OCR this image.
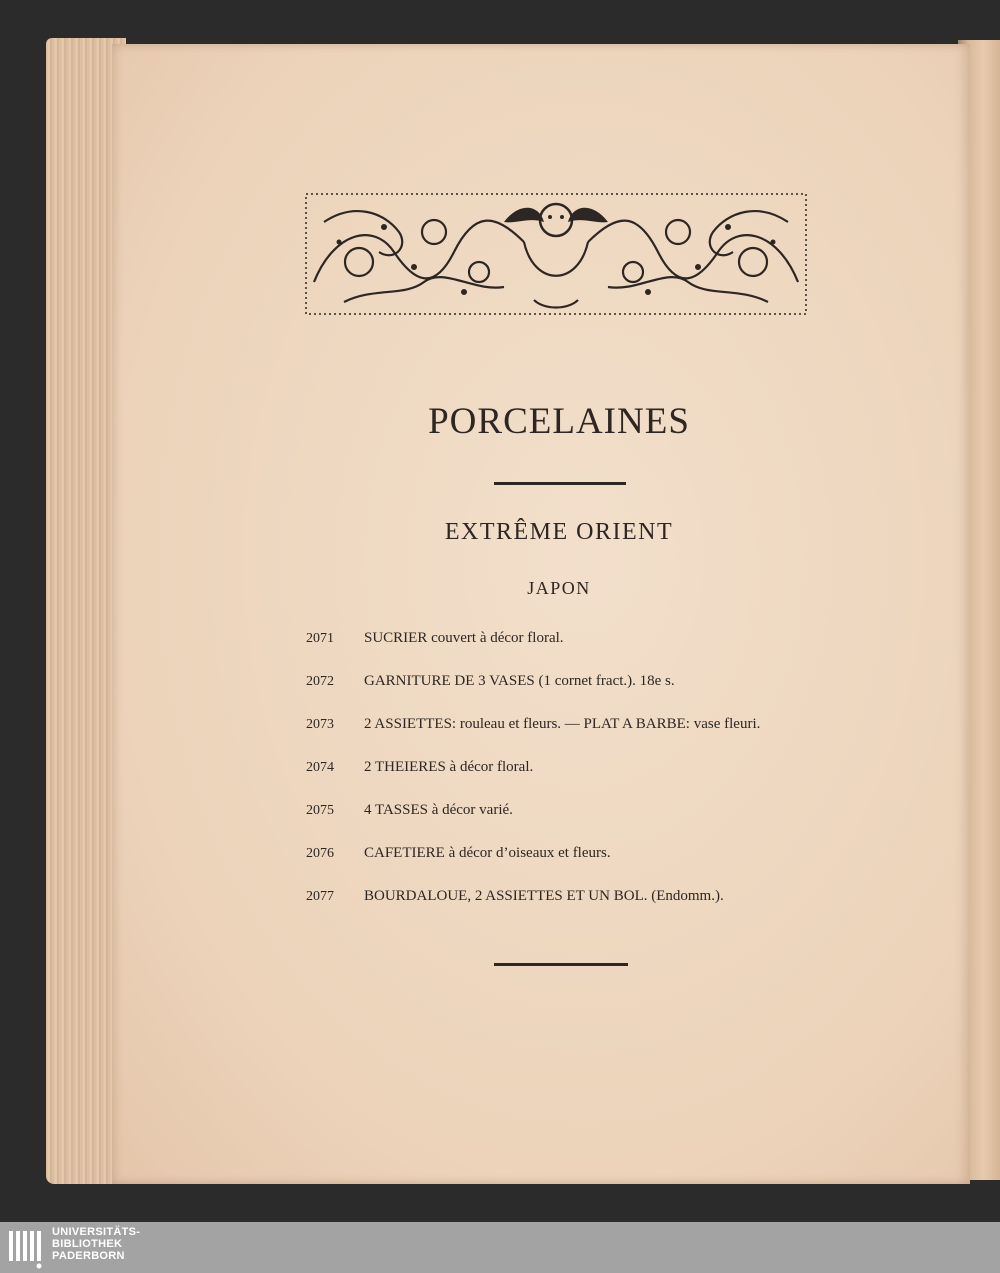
PORCELAINES
EXTRÊME ORIENT
JAPON
2071	SUCRIER couvert à décor floral.
2072	GARNITURE DE 3 VASES (1 cornet fract.). 18e s.
2073	2 ASSIETTES: rouleau et fleurs. — PLAT A BARBE: vase fleuri.
2074	2 THEIERES à décor floral.
2075	4 TASSES à décor varié.
2076	CAFETIERE à décor d’oiseaux et fleurs.
2077	BOURDALOUE, 2 ASSIETTES ET UN BOL. (Endomm.).
UNIVERSITÄTS-
BIBLIOTHEK
PADERBORN
